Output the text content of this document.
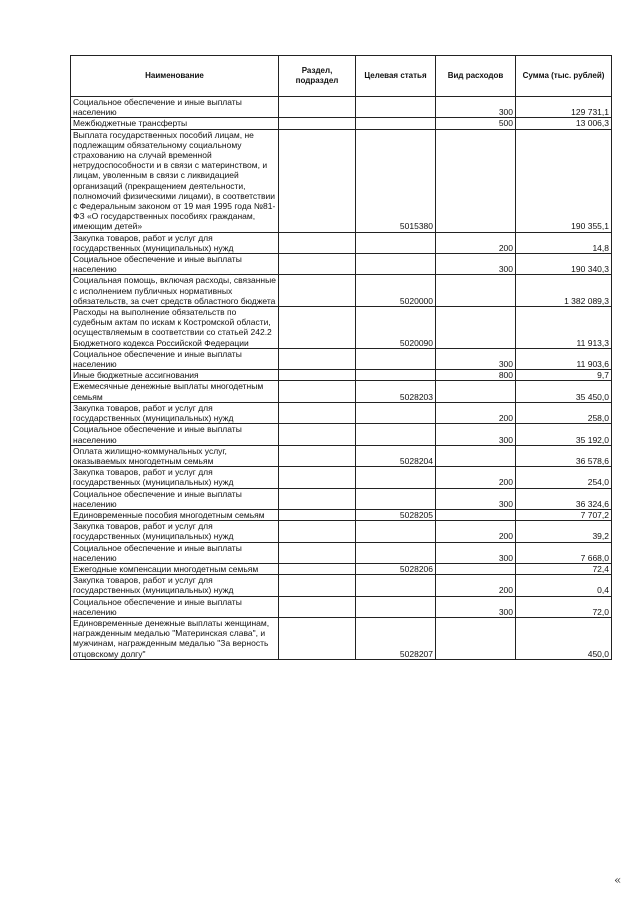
Наименование	Раздел, подраздел	Целевая статья	Вид расходов	Сумма (тыс. рублей)
Социальное обеспечение и иные выплаты населению			300	129 731,1
Межбюджетные трансферты			500	13 006,3
Выплата государственных пособий лицам, не подлежащим обязательному социальному страхованию на случай временной нетрудоспособности и в связи с материнством, и лицам, уволенным в связи с ликвидацией организаций (прекращением деятельности, полномочий физическими лицами), в соответствии с Федеральным законом от 19 мая 1995 года №81-ФЗ «О государственных пособиях гражданам, имеющим детей»		5015380		190 355,1
Закупка товаров, работ и услуг для государственных (муниципальных) нужд			200	14,8
Социальное обеспечение и иные выплаты населению			300	190 340,3
Социальная помощь, включая расходы, связанные с исполнением публичных нормативных обязательств, за счет средств областного бюджета		5020000		1 382 089,3
Расходы на выполнение обязательств по судебным актам по искам к Костромской области, осуществляемым в соответствии со статьей 242.2 Бюджетного кодекса Российской Федерации		5020090		11 913,3
Социальное обеспечение и иные выплаты населению			300	11 903,6
Иные бюджетные ассигнования			800	9,7
Ежемесячные денежные выплаты многодетным семьям		5028203		35 450,0
Закупка товаров, работ и услуг для государственных (муниципальных) нужд			200	258,0
Социальное обеспечение и иные выплаты населению			300	35 192,0
Оплата жилищно-коммунальных услуг, оказываемых многодетным семьям		5028204		36 578,6
Закупка товаров, работ и услуг для государственных (муниципальных) нужд			200	254,0
Социальное обеспечение и иные выплаты населению			300	36 324,6
Единовременные пособия многодетным семьям		5028205		7 707,2
Закупка товаров, работ и услуг для государственных (муниципальных) нужд			200	39,2
Социальное обеспечение и иные выплаты населению			300	7 668,0
Ежегодные компенсации многодетным семьям		5028206		72,4
Закупка товаров, работ и услуг для государственных (муниципальных) нужд			200	0,4
Социальное обеспечение и иные выплаты населению			300	72,0
Единовременные денежные выплаты женщинам, награжденным медалью "Материнская слава", и мужчинам, награжденным медалью "За верность отцовскому долгу"		5028207		450,0
«
